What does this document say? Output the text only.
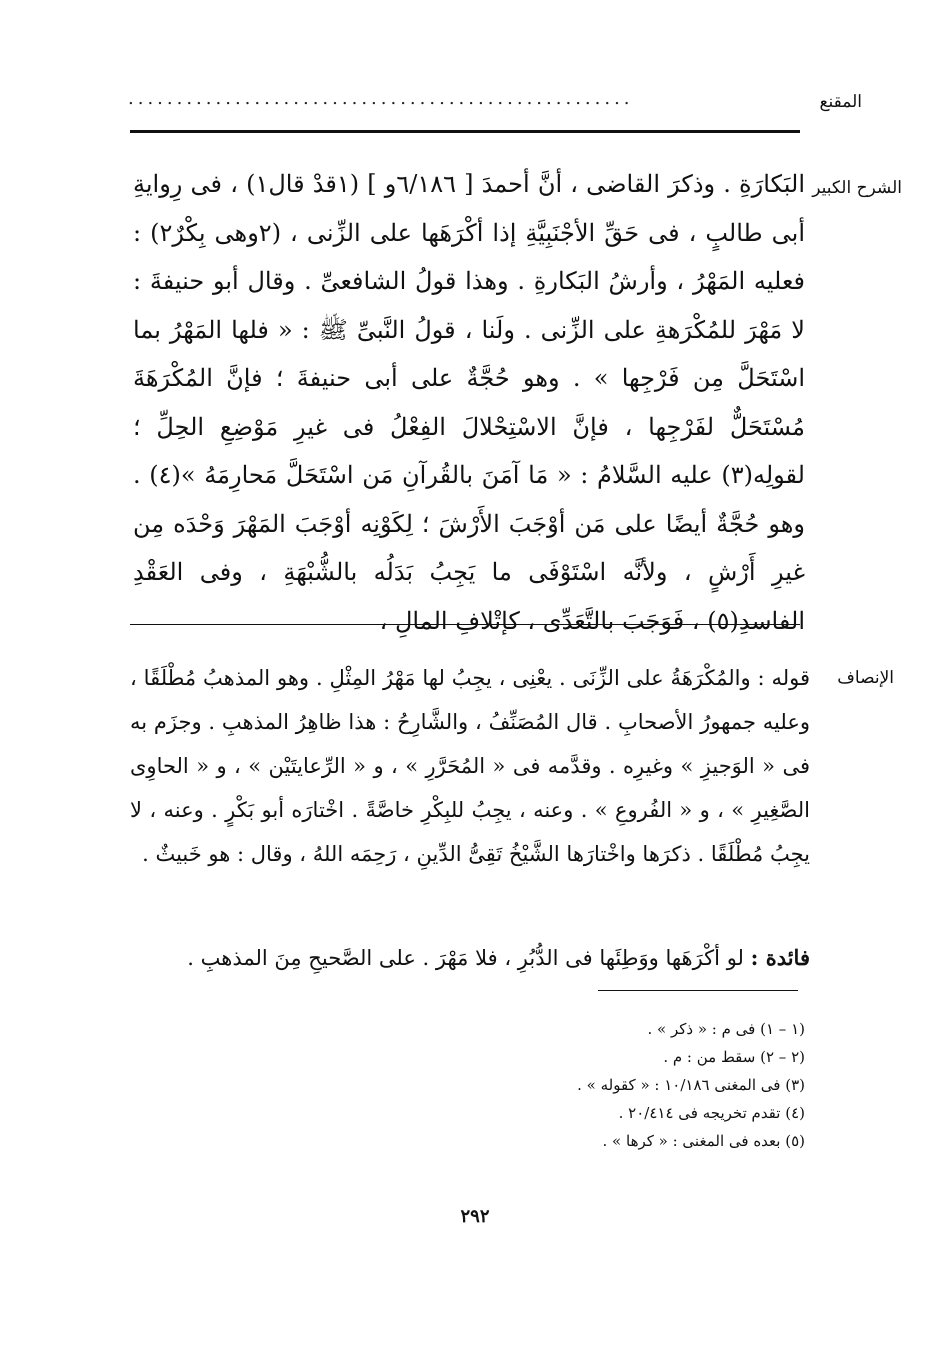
....................................................	المقنع
الشرح الكبير
البَكارَةِ . وذكرَ القاضى ، أنَّ أحمدَ [ ٦/١٨٦و ] (١قدْ قال١) ، فى رِوايةِ أبى طالبٍ ، فى حَقِّ الأجْنَبِيَّةِ إذا أكْرَهَها على الزِّنى ، (٢وهى بِكْرٌ٢) : فعليه المَهْرُ ، وأرشُ البَكارةِ . وهذا قولُ الشافعىِّ . وقال أبو حنيفةَ : لا مَهْرَ للمُكْرَهةِ على الزِّنى . ولَنا ، قولُ النَّبىِّ ﷺ : « فلها المَهْرُ بما اسْتَحَلَّ مِن فَرْجِها » . وهو حُجَّةٌ على أبى حنيفةَ ؛ فإنَّ المُكْرَهَةَ مُسْتَحَلٌّ لفَرْجِها ، فإنَّ الاسْتِحْلالَ الفِعْلُ فى غيرِ مَوْضِعِ الحِلِّ ؛ لقولِه(٣) عليه السَّلامُ : « مَا آمَنَ بالقُرآنِ مَن اسْتَحَلَّ مَحارِمَهُ »(٤) . وهو حُجَّةٌ أيضًا على مَن أوْجَبَ الأَرْشَ ؛ لِكَوْنِه أوْجَبَ المَهْرَ وَحْدَه مِن غيرِ أَرْشٍ ، ولأنَّه اسْتَوْفَى ما يَجِبُ بَدَلُه بالشُّبْهَةِ ، وفى العَقْدِ الفاسدِ(٥) ، فَوَجَبَ بالتَّعَدِّى ، كإتْلافِ المالِ ،
الإنصاف
قوله : والمُكْرَهَةُ على الزِّنَى . يعْنِى ، يجِبُ لها مَهْرُ المِثْلِ . وهو المذهبُ مُطْلَقًا ، وعليه جمهورُ الأصحابِ . قال المُصَنِّفُ ، والشَّارِحُ : هذا ظاهِرُ المذهبِ . وجزَم به فى « الوَجيزِ » وغيرِه . وقدَّمه فى « المُحَرَّرِ » ، و « الرِّعايتَيْن » ، و « الحاوِى الصَّغِيرِ » ، و « الفُروعِ » . وعنه ، يجِبُ للبِكْرِ خاصَّةً . اخْتارَه أبو بَكْرٍ . وعنه ، لا يجِبُ مُطْلَقًا . ذكرَها واخْتارَها الشَّيْخُ تَقِىُّ الدِّينِ ، رَحِمَه اللهُ ، وقال : هو خَبيثٌ .
فائدة : لو أكْرَهَها ووَطِئَها فى الدُّبُرِ ، فلا مَهْرَ . على الصَّحيحِ مِنَ المذهبِ .
(١ – ١) فى م : « ذكر » .
(٢ – ٢) سقط من : م .
(٣) فى المغنى ١٠/١٨٦ : « كقوله » .
(٤) تقدم تخريجه فى ٢٠/٤١٤ .
(٥) بعده فى المغنى : « كرها » .
٢٩٢
